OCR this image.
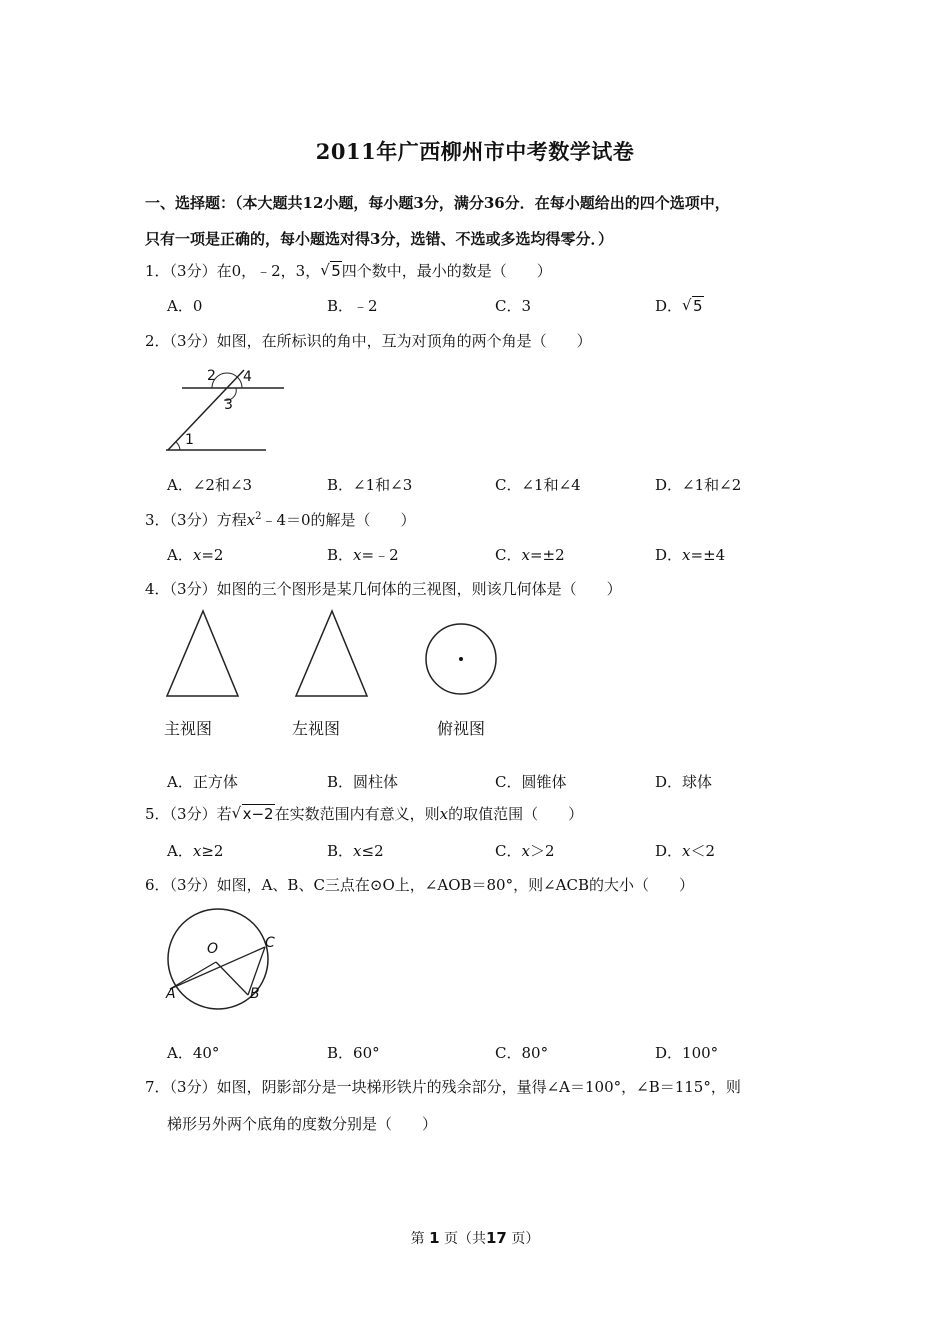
2011年广西柳州市中考数学试卷
一、选择题：（本大题共12小题，每小题3分，满分36分．在每小题给出的四个选项中，
只有一项是正确的，每小题选对得3分，选错、不选或多选均得零分．）
1．（3分）在0，﹣2，3， √ 5四个数中，最小的数是（　　）
A．0	B．﹣2	C．3	D． √ 5
2．（3分）如图，在所标识的角中，互为对顶角的两个角是（　　）
2 4
3
1
A．∠2和∠3	B．∠1和∠3	C．∠1和∠4	D．∠1和∠2
3．（3分）方程$x^2﹣4=0$的解是（　　）
A．x=2	B．x=﹣2	C．x=±2	D．x=±4
4．（3分）如图的三个图形是某几何体的三视图，则该几何体是（　　）
主视图	左视图	俯视图
A．正方体	B．圆柱体	C．圆锥体	D．球体
5．（3分）若 √ x−2在实数范围内有意义，则x的取值范围（　　）
A．x≥2	B．x≤2	C．x＞2	D．x＜2
6．（3分）如图，A、B、C三点在⊙O上，∠AOB＝80°，则∠ACB的大小（　　）
O	C
A	B
A．40°	B．60°	C．80°	D．100°
7．（3分）如图，阴影部分是一块梯形铁片的残余部分，量得∠A＝100°，∠B＝115°，则
梯形另外两个底角的度数分别是（　　）
第 1 页（共17 页）
